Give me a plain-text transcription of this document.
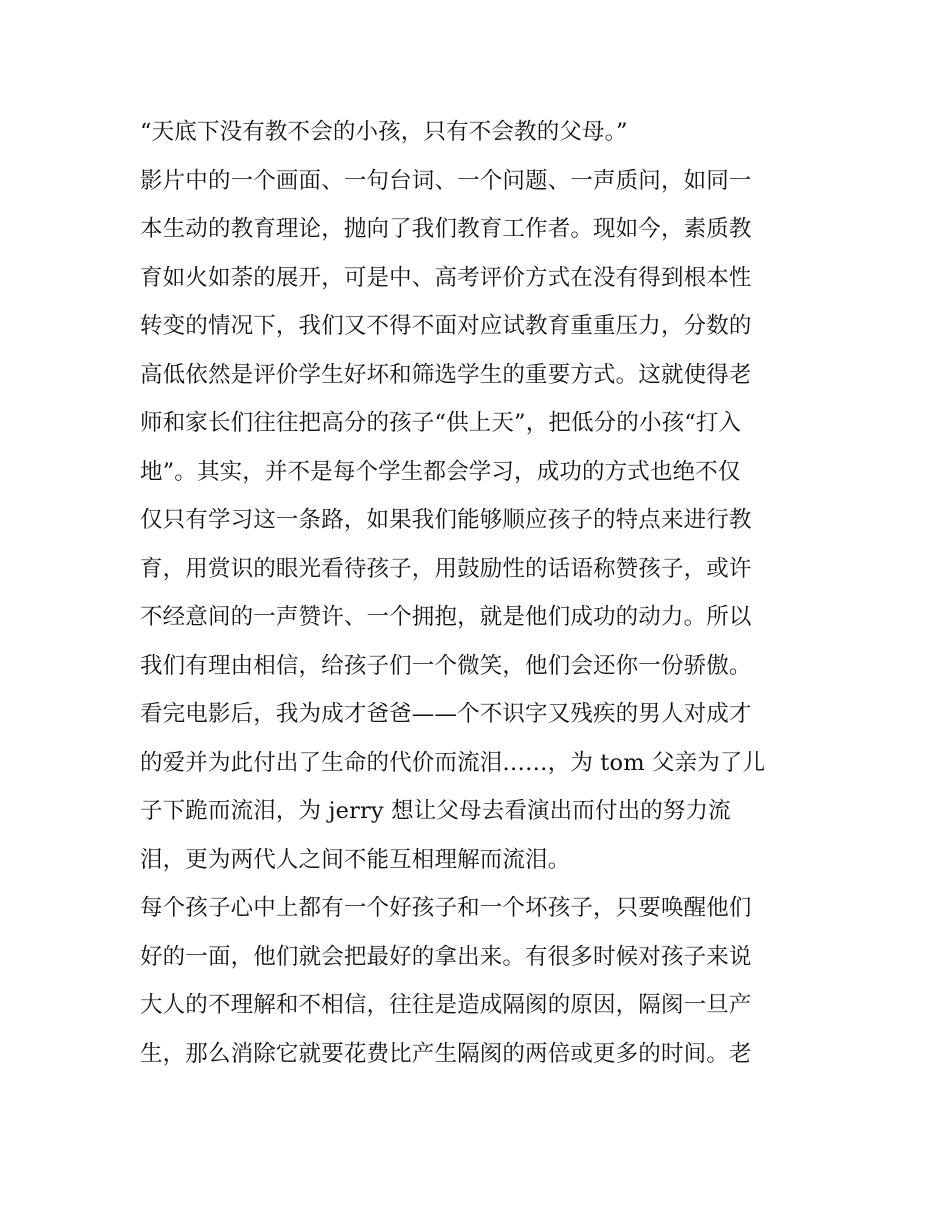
“天底下没有教不会的小孩，只有不会教的父母。”
影片中的一个画面、一句台词、一个问题、一声质问，如同一
本生动的教育理论，抛向了我们教育工作者。现如今，素质教
育如火如荼的展开，可是中、高考评价方式在没有得到根本性
转变的情况下，我们又不得不面对应试教育重重压力，分数的
高低依然是评价学生好坏和筛选学生的重要方式。这就使得老
师和家长们往往把高分的孩子“供上天”，把低分的小孩“打入
地”。其实，并不是每个学生都会学习，成功的方式也绝不仅
仅只有学习这一条路，如果我们能够顺应孩子的特点来进行教
育，用赏识的眼光看待孩子，用鼓励性的话语称赞孩子，或许
不经意间的一声赞许、一个拥抱，就是他们成功的动力。所以
我们有理由相信，给孩子们一个微笑，他们会还你一份骄傲。
看完电影后，我为成才爸爸——个不识字又残疾的男人对成才
的爱并为此付出了生命的代价而流泪……，为 tom 父亲为了儿
子下跪而流泪，为 jerry 想让父母去看演出而付出的努力流
泪，更为两代人之间不能互相理解而流泪。
每个孩子心中上都有一个好孩子和一个坏孩子，只要唤醒他们
好的一面，他们就会把最好的拿出来。有很多时候对孩子来说
大人的不理解和不相信，往往是造成隔阂的原因，隔阂一旦产
生，那么消除它就要花费比产生隔阂的两倍或更多的时间。老
